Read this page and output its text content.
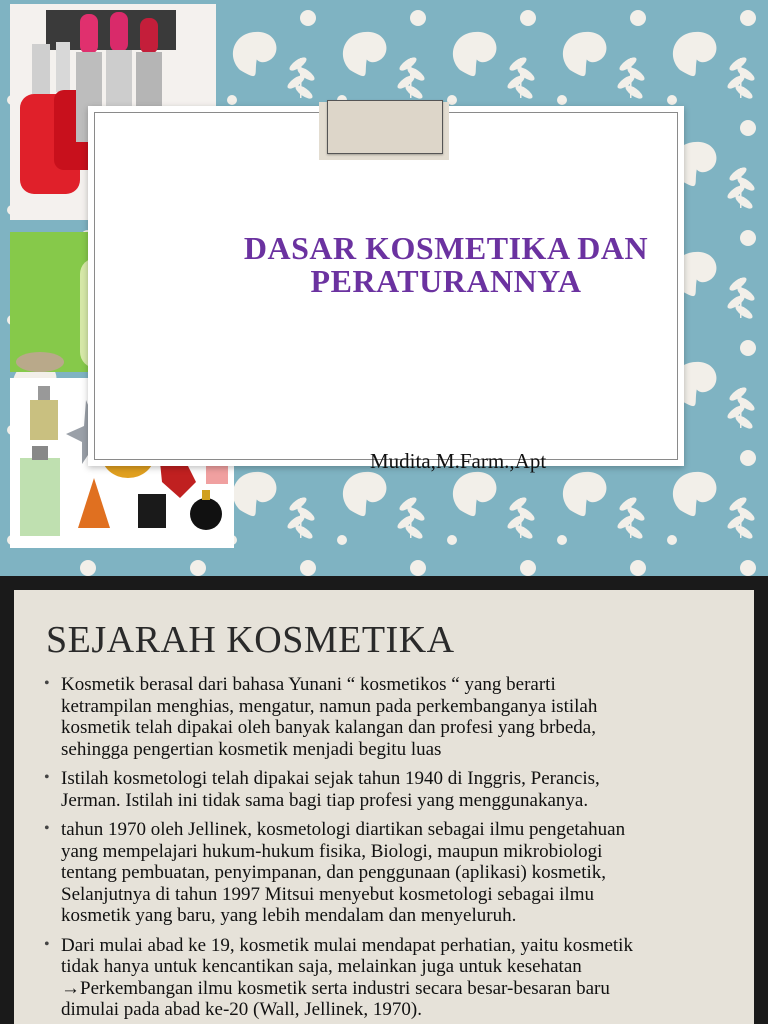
DASAR KOSMETIKA DAN
PERATURANNYA
Mudita,M.Farm.,Apt
SEJARAH KOSMETIKA
• Kosmetik berasal dari bahasa Yunani “ kosmetikos “ yang berarti
ketrampilan menghias, mengatur, namun pada perkembanganya istilah
kosmetik telah dipakai oleh banyak kalangan dan profesi yang brbeda,
sehingga pengertian kosmetik menjadi begitu luas
• Istilah kosmetologi telah dipakai sejak tahun 1940 di Inggris, Perancis,
Jerman. Istilah ini tidak sama bagi tiap profesi yang menggunakanya.
• tahun 1970 oleh Jellinek, kosmetologi diartikan sebagai ilmu pengetahuan
yang mempelajari hukum-hukum fisika, Biologi, maupun mikrobiologi
tentang pembuatan, penyimpanan, dan penggunaan (aplikasi) kosmetik,
Selanjutnya di tahun 1997 Mitsui menyebut kosmetologi sebagai ilmu
kosmetik yang baru, yang lebih mendalam dan menyeluruh.
• Dari mulai abad ke 19, kosmetik mulai mendapat perhatian, yaitu kosmetik
tidak hanya untuk kencantikan saja, melainkan juga untuk kesehatan
→Perkembangan ilmu kosmetik serta industri secara besar-besaran baru
dimulai pada abad ke-20 (Wall, Jellinek, 1970).
